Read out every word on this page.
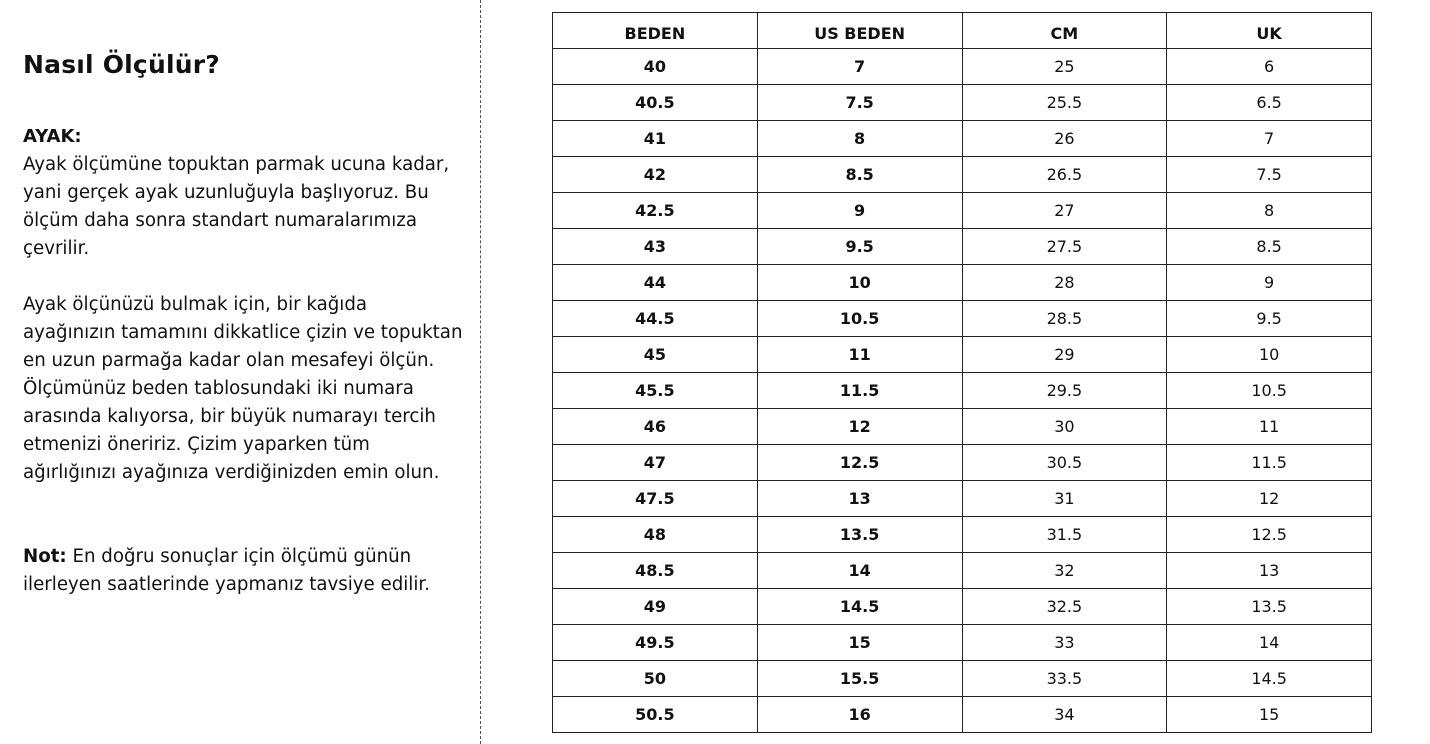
Nasıl Ölçülür?
AYAK:

Ayak ölçümüne topuktan parmak ucuna kadar, yani gerçek ayak uzunluğuyla başlıyoruz. Bu ölçüm daha sonra standart numaralarımıza çevrilir.

Ayak ölçünüzü bulmak için, bir kağıda ayağınızın tamamını dikkatlice çizin ve topuktan en uzun parmağa kadar olan mesafeyi ölçün. Ölçümünüz beden tablosundaki iki numara arasında kalıyorsa, bir büyük numarayı tercih etmenizi öneririz. Çizim yaparken tüm ağırlığınızı ayağınıza verdiğinizden emin olun.

Not: En doğru sonuçlar için ölçümü günün ilerleyen saatlerinde yapmanız tavsiye edilir.

BEDEN	US BEDEN	CM	UK
40	7	25	6
40.5	7.5	25.5	6.5
41	8	26	7
42	8.5	26.5	7.5
42.5	9	27	8
43	9.5	27.5	8.5
44	10	28	9
44.5	10.5	28.5	9.5
45	11	29	10
45.5	11.5	29.5	10.5
46	12	30	11
47	12.5	30.5	11.5
47.5	13	31	12
48	13.5	31.5	12.5
48.5	14	32	13
49	14.5	32.5	13.5
49.5	15	33	14
50	15.5	33.5	14.5
50.5	16	34	15
